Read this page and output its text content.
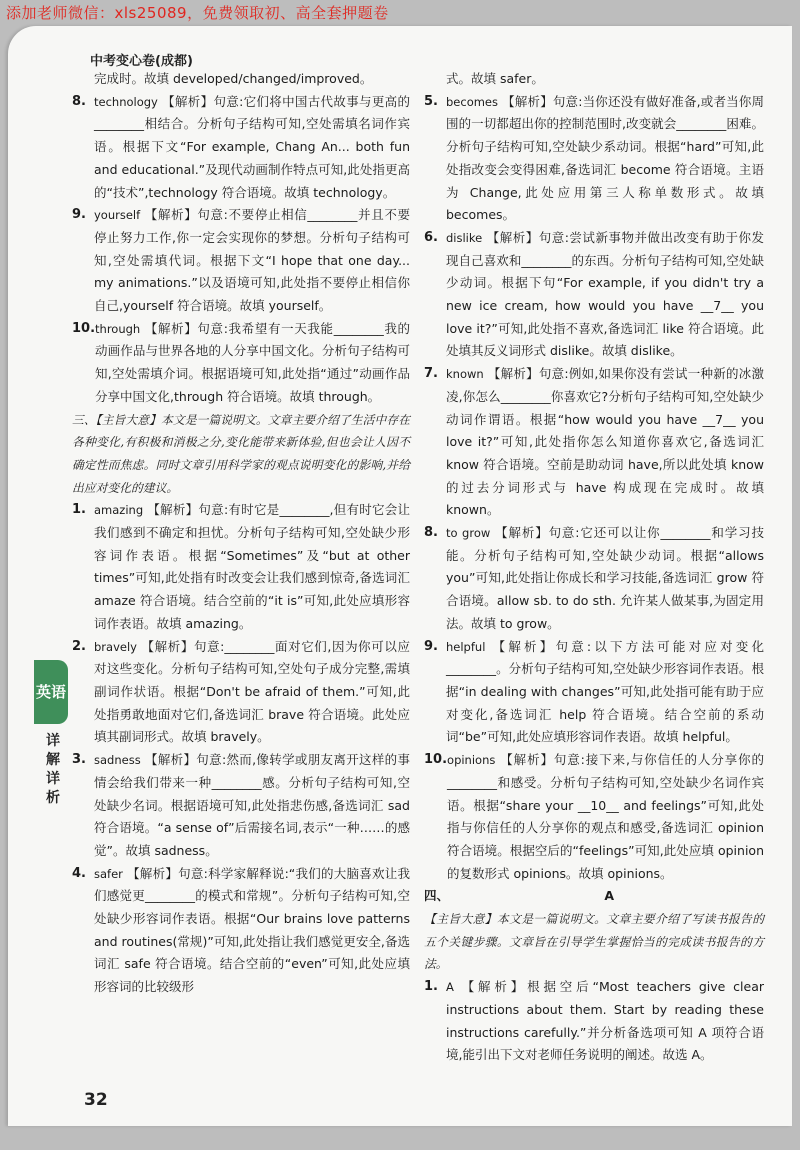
添加老师微信：xls25089，免费领取初、高全套押题卷
中考变心卷(成都)
完成时。故填 developed/changed/improved。
8. technology 【解析】句意:它们将中国古代故事与更高的________相结合。分析句子结构可知,空处需填名词作宾语。根据下文“For example, Chang An... both fun and educational.”及现代动画制作特点可知,此处指更高的“技术”,technology 符合语境。故填 technology。
9. yourself 【解析】句意:不要停止相信________并且不要停止努力工作,你一定会实现你的梦想。分析句子结构可知,空处需填代词。根据下文“I hope that one day... my animations.”以及语境可知,此处指不要停止相信你自己,yourself 符合语境。故填 yourself。
10. through 【解析】句意:我希望有一天我能________我的动画作品与世界各地的人分享中国文化。分析句子结构可知,空处需填介词。根据语境可知,此处指“通过”动画作品分享中国文化,through 符合语境。故填 through。
三、【主旨大意】本文是一篇说明文。文章主要介绍了生活中存在各种变化,有积极和消极之分,变化能带来新体验,但也会让人因不确定性而焦虑。同时文章引用科学家的观点说明变化的影响,并给出应对变化的建议。
1. amazing 【解析】句意:有时它是________,但有时它会让我们感到不确定和担忧。分析句子结构可知,空处缺少形容词作表语。根据“Sometimes”及“but at other times”可知,此处指有时改变会让我们感到惊奇,备选词汇 amaze 符合语境。结合空前的“it is”可知,此处应填形容词作表语。故填 amazing。
2. bravely 【解析】句意:________面对它们,因为你可以应对这些变化。分析句子结构可知,空处句子成分完整,需填副词作状语。根据“Don't be afraid of them.”可知,此处指勇敢地面对它们,备选词汇 brave 符合语境。此处应填其副词形式。故填 bravely。
3. sadness 【解析】句意:然而,像转学或朋友离开这样的事情会给我们带来一种________感。分析句子结构可知,空处缺少名词。根据语境可知,此处指悲伤感,备选词汇 sad 符合语境。“a sense of”后需接名词,表示“一种……的感觉”。故填 sadness。
4. safer 【解析】句意:科学家解释说:“我们的大脑喜欢让我们感觉更________的模式和常规”。分析句子结构可知,空处缺少形容词作表语。根据“Our brains love patterns and routines(常规)”可知,此处指让我们感觉更安全,备选词汇 safe 符合语境。结合空前的“even”可知,此处应填形容词的比较级形
式。故填 safer。
5. becomes 【解析】句意:当你还没有做好准备,或者当你周围的一切都超出你的控制范围时,改变就会________困难。分析句子结构可知,空处缺少系动词。根据“hard”可知,此处指改变会变得困难,备选词汇 become 符合语境。主语为 Change,此处应用第三人称单数形式。故填 becomes。
6. dislike 【解析】句意:尝试新事物并做出改变有助于你发现自己喜欢和________的东西。分析句子结构可知,空处缺少动词。根据下句“For example, if you didn't try a new ice cream, how would you have __7__ you love it?”可知,此处指不喜欢,备选词汇 like 符合语境。此处填其反义词形式 dislike。故填 dislike。
7. known 【解析】句意:例如,如果你没有尝试一种新的冰激凌,你怎么________你喜欢它?分析句子结构可知,空处缺少动词作谓语。根据“how would you have __7__ you love it?”可知,此处指你怎么知道你喜欢它,备选词汇 know 符合语境。空前是助动词 have,所以此处填 know 的过去分词形式与 have 构成现在完成时。故填 known。
8. to grow 【解析】句意:它还可以让你________和学习技能。分析句子结构可知,空处缺少动词。根据“allows you”可知,此处指让你成长和学习技能,备选词汇 grow 符合语境。allow sb. to do sth. 允许某人做某事,为固定用法。故填 to grow。
9. helpful 【解析】句意:以下方法可能对应对变化________。分析句子结构可知,空处缺少形容词作表语。根据“in dealing with changes”可知,此处指可能有助于应对变化,备选词汇 help 符合语境。结合空前的系动词“be”可知,此处应填形容词作表语。故填 helpful。
10. opinions 【解析】句意:接下来,与你信任的人分享你的________和感受。分析句子结构可知,空处缺少名词作宾语。根据“share your __10__ and feelings”可知,此处指与你信任的人分享你的观点和感受,备选词汇 opinion 符合语境。根据空后的“feelings”可知,此处应填 opinion 的复数形式 opinions。故填 opinions。
四、	A
【主旨大意】本文是一篇说明文。文章主要介绍了写读书报告的五个关键步骤。文章旨在引导学生掌握恰当的完成读书报告的方法。
1. A 【解析】根据空后“Most teachers give clear instructions about them. Start by reading these instructions carefully.”并分析备选项可知 A 项符合语境,能引出下文对老师任务说明的阐述。故选 A。
英语
详解详析
32
